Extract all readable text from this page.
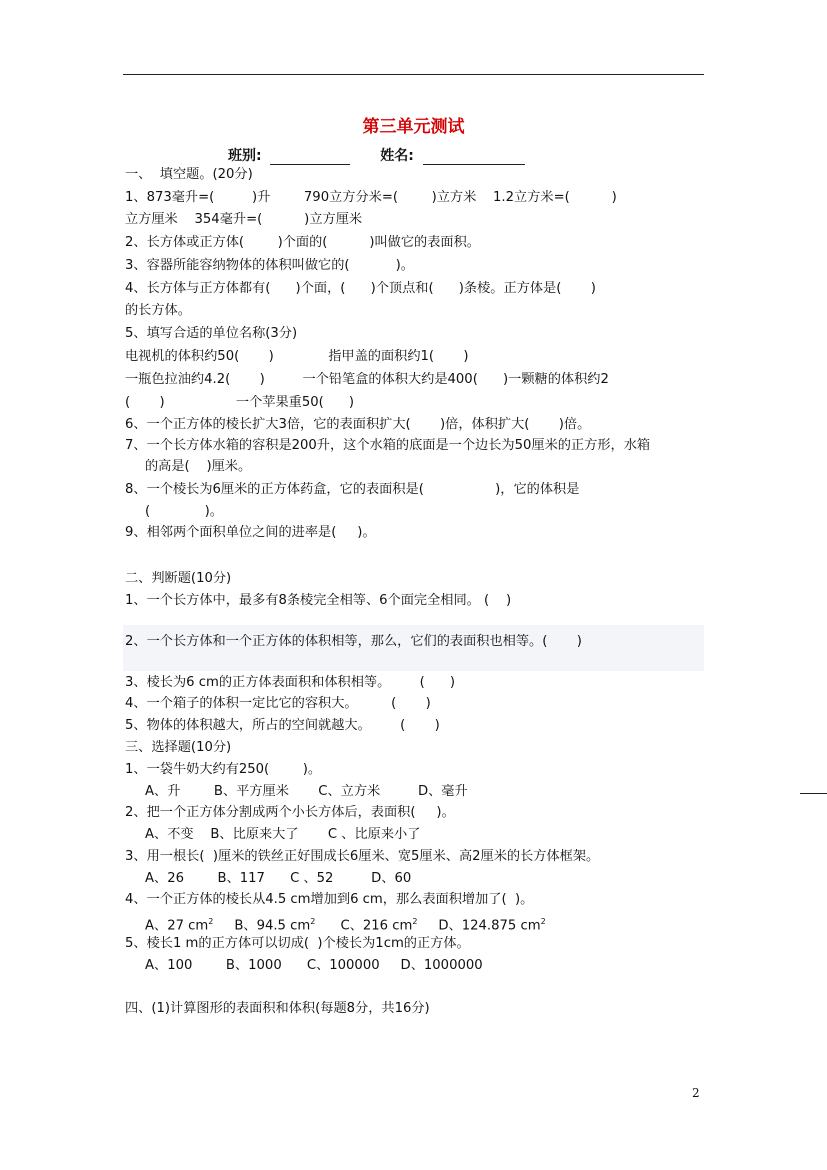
第三单元测试
班别:	姓名:
一、  填空题。(20分)
1、873毫升=(         )升        790立方分米=(        )立方米    1.2立方米=(          )
立方厘米    354毫升=(          )立方厘米
2、长方体或正方体(        )个面的(          )叫做它的表面积。
3、容器所能容纳物体的体积叫做它的(           )。
4、长方体与正方体都有(      )个面，(      )个顶点和(      )条棱。正方体是(       )
的长方体。
5、填写合适的单位名称(3分)
电视机的体积约50(       )             指甲盖的面积约1(       )
一瓶色拉油约4.2(       )         一个铅笔盒的体积大约是400(      )一颗糖的体积约2
(       )                 一个苹果重50(      )
6、一个正方体的棱长扩大3倍，它的表面积扩大(       )倍，体积扩大(       )倍。
7、一个长方体水箱的容积是200升，这个水箱的底面是一个边长为50厘米的正方形，水箱
的高是(    )厘米。
8、一个棱长为6厘米的正方体药盒，它的表面积是(                 )，它的体积是
(             )。
9、相邻两个面积单位之间的进率是(     )。
二、判断题(10分)
1、一个长方体中，最多有8条棱完全相等、6个面完全相同。 (    )
2、一个长方体和一个正方体的体积相等，那么，它们的表面积也相等。(       )
3、棱长为6 cm的正方体表面积和体积相等。       (      )
4、一个箱子的体积一定比它的容积大。        (       )
5、物体的体积越大，所占的空间就越大。       (       )
三、选择题(10分)
1、一袋牛奶大约有250(        )。
A、升        B、平方厘米       C、立方米         D、毫升
2、把一个正方体分割成两个小长方体后，表面积(     )。
A、不变    B、比原来大了       C 、比原来小了
3、用一根长(  )厘米的铁丝正好围成长6厘米、宽5厘米、高2厘米的长方体框架。
A、26        B、117      C 、52         D、60
4、一个正方体的棱长从4.5 cm增加到6 cm，那么表面积增加了(  )。
A、27 $cm^2$     B、94.5 $cm^2$      C、216 $cm^2$     D、124.875 $cm^2$
5、棱长1 m的正方体可以切成(  )个棱长为1cm的正方体。
A、100        B、1000      C、100000     D、1000000
四、(1)计算图形的表面积和体积(每题8分，共16分)
2
